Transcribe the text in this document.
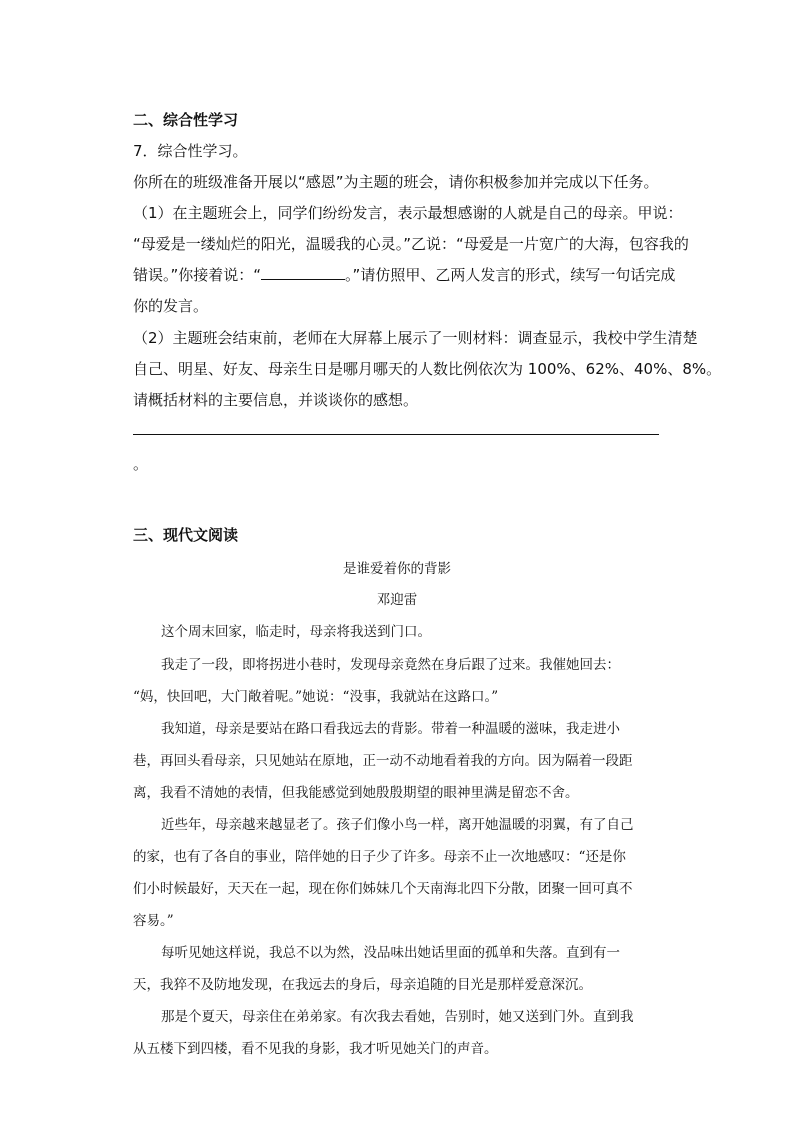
二、综合性学习
7．综合性学习。
你所在的班级准备开展以“感恩”为主题的班会，请你积极参加并完成以下任务。
（1）在主题班会上，同学们纷纷发言，表示最想感谢的人就是自己的母亲。甲说：
“母爱是一缕灿烂的阳光，温暖我的心灵。”乙说：“母爱是一片宽广的大海，包容我的
错误。”你接着说：“	。”请仿照甲、乙两人发言的形式，续写一句话完成
你的发言。
（2）主题班会结束前，老师在大屏幕上展示了一则材料：调查显示，我校中学生清楚
自己、明星、好友、母亲生日是哪月哪天的人数比例依次为 100%、62%、40%、8%。
请概括材料的主要信息，并谈谈你的感想。
。
三、现代文阅读
是谁爱着你的背影
邓迎雷
这个周末回家，临走时，母亲将我送到门口。
我走了一段，即将拐进小巷时，发现母亲竟然在身后跟了过来。我催她回去：
“妈，快回吧，大门敞着呢。”她说：“没事，我就站在这路口。”
我知道，母亲是要站在路口看我远去的背影。带着一种温暖的滋味，我走进小
巷，再回头看母亲，只见她站在原地，正一动不动地看着我的方向。因为隔着一段距
离，我看不清她的表情，但我能感觉到她殷殷期望的眼神里满是留恋不舍。
近些年，母亲越来越显老了。孩子们像小鸟一样，离开她温暖的羽翼，有了自己
的家，也有了各自的事业，陪伴她的日子少了许多。母亲不止一次地感叹：“还是你
们小时候最好，天天在一起，现在你们姊妹几个天南海北四下分散，团聚一回可真不
容易。”
每听见她这样说，我总不以为然，没品味出她话里面的孤单和失落。直到有一
天，我猝不及防地发现，在我远去的身后，母亲追随的目光是那样爱意深沉。
那是个夏天，母亲住在弟弟家。有次我去看她，告别时，她又送到门外。直到我
从五楼下到四楼，看不见我的身影，我才听见她关门的声音。
